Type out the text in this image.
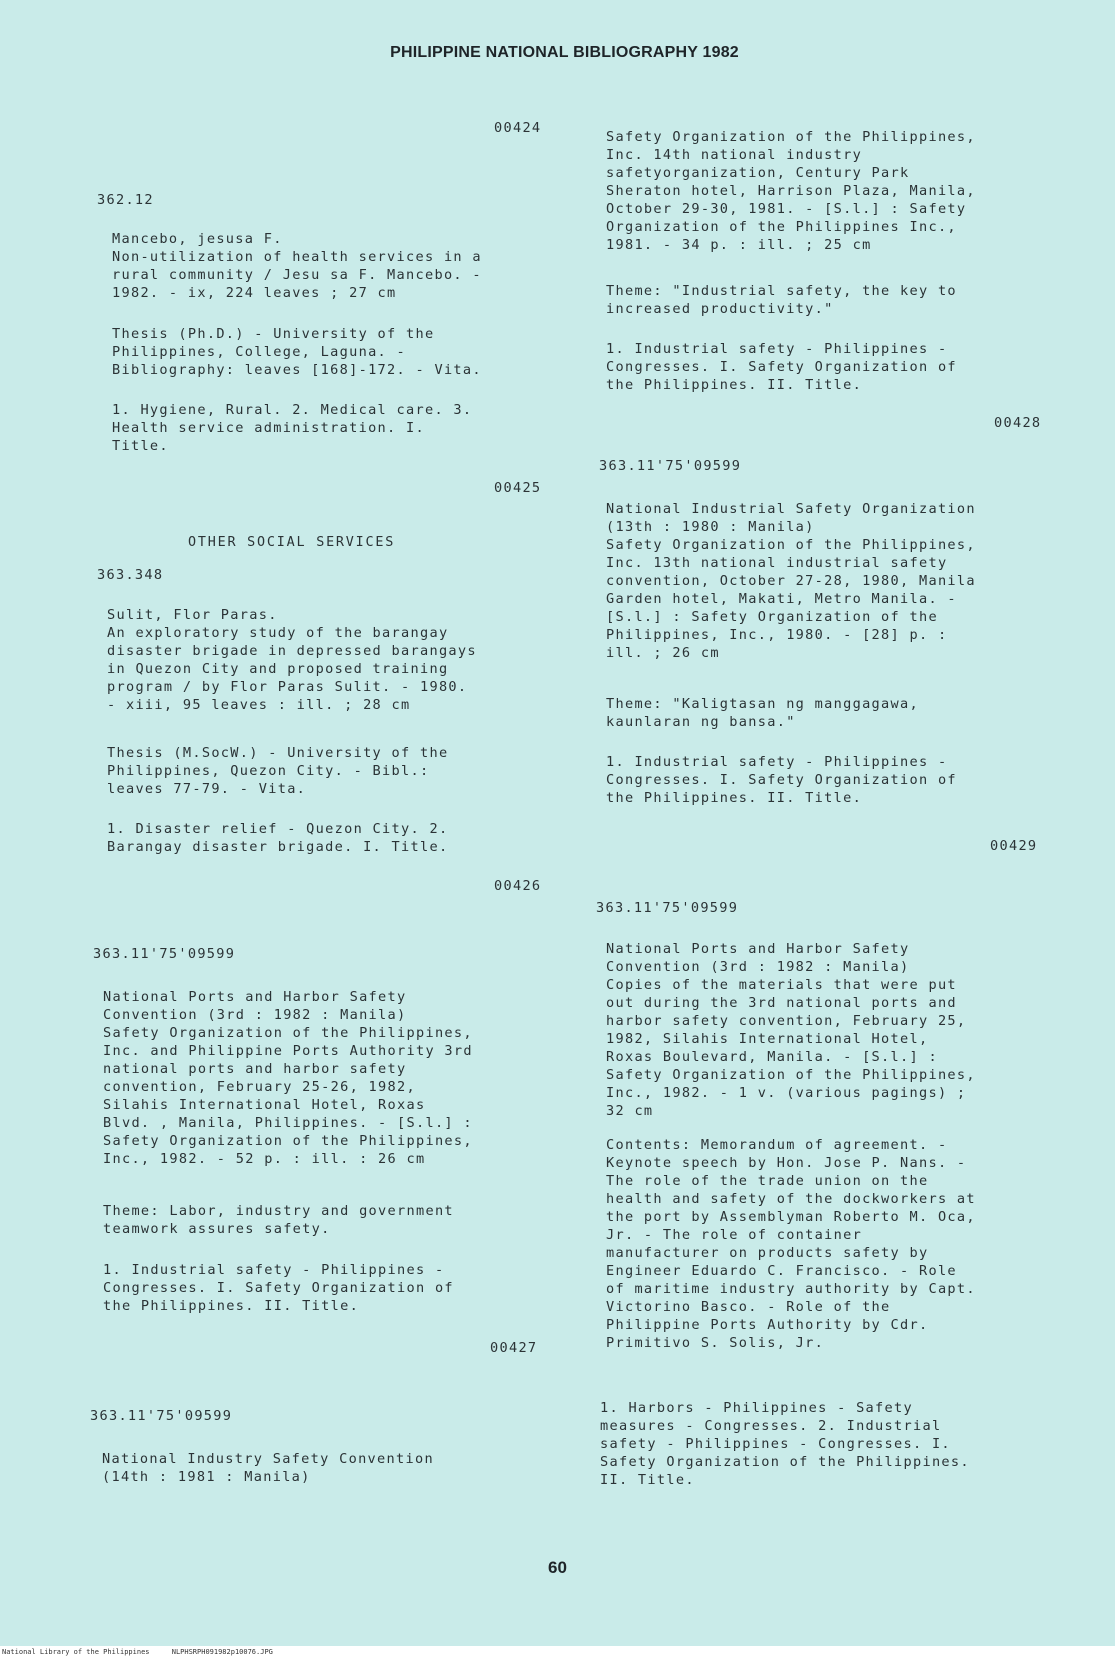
PHILIPPINE NATIONAL BIBLIOGRAPHY 1982

00424

362.12

Mancebo, jesusa F.
Non-utilization of health services in a
rural community / Jesu sa F. Mancebo. -
1982. - ix, 224 leaves ; 27 cm

Thesis (Ph.D.) - University of the
Philippines, College, Laguna. -
Bibliography: leaves [168]-172. - Vita.

1. Hygiene, Rural. 2. Medical care. 3.
Health service administration. I.
Title.

00425

OTHER SOCIAL SERVICES

363.348

Sulit, Flor Paras.
An exploratory study of the barangay
disaster brigade in depressed barangays
in Quezon City and proposed training
program / by Flor Paras Sulit. - 1980.
- xiii, 95 leaves : ill. ; 28 cm

Thesis (M.SocW.) - University of the
Philippines, Quezon City. - Bibl.:
leaves 77-79. - Vita.

1. Disaster relief - Quezon City. 2.
Barangay disaster brigade. I. Title.

00426

363.11'75'09599

National Ports and Harbor Safety
Convention (3rd : 1982 : Manila)
Safety Organization of the Philippines,
Inc. and Philippine Ports Authority 3rd
national ports and harbor safety
convention, February 25-26, 1982,
Silahis International Hotel, Roxas
Blvd. , Manila, Philippines. - [S.l.] :
Safety Organization of the Philippines,
Inc., 1982. - 52 p. : ill. : 26 cm

Theme: Labor, industry and government
teamwork assures safety.

1. Industrial safety - Philippines -
Congresses. I. Safety Organization of
the Philippines. II. Title.

00427

363.11'75'09599

National Industry Safety Convention
(14th : 1981 : Manila)

Safety Organization of the Philippines,
Inc. 14th national industry
safetyorganization, Century Park
Sheraton hotel, Harrison Plaza, Manila,
October 29-30, 1981. - [S.l.] : Safety
Organization of the Philippines Inc.,
1981. - 34 p. : ill. ; 25 cm

Theme: "Industrial safety, the key to
increased productivity."

1. Industrial safety - Philippines -
Congresses. I. Safety Organization of
the Philippines. II. Title.

00428

363.11'75'09599

National Industrial Safety Organization
(13th : 1980 : Manila)
Safety Organization of the Philippines,
Inc. 13th national industrial safety
convention, October 27-28, 1980, Manila
Garden hotel, Makati, Metro Manila. -
[S.l.] : Safety Organization of the
Philippines, Inc., 1980. - [28] p. :
ill. ; 26 cm

Theme: "Kaligtasan ng manggagawa,
kaunlaran ng bansa."

1. Industrial safety - Philippines -
Congresses. I. Safety Organization of
the Philippines. II. Title.

00429

363.11'75'09599

National Ports and Harbor Safety
Convention (3rd : 1982 : Manila)
Copies of the materials that were put
out during the 3rd national ports and
harbor safety convention, February 25,
1982, Silahis International Hotel,
Roxas Boulevard, Manila. - [S.l.] :
Safety Organization of the Philippines,
Inc., 1982. - 1 v. (various pagings) ;
32 cm

Contents: Memorandum of agreement. -
Keynote speech by Hon. Jose P. Nans. -
The role of the trade union on the
health and safety of the dockworkers at
the port by Assemblyman Roberto M. Oca,
Jr. - The role of container
manufacturer on products safety by
Engineer Eduardo C. Francisco. - Role
of maritime industry authority by Capt.
Victorino Basco. - Role of the
Philippine Ports Authority by Cdr.
Primitivo S. Solis, Jr.

1. Harbors - Philippines - Safety
measures - Congresses. 2. Industrial
safety - Philippines - Congresses. I.
Safety Organization of the Philippines.
II. Title.

60
National Library of the Philippines	NLPHSRPH091982p10076.JPG
